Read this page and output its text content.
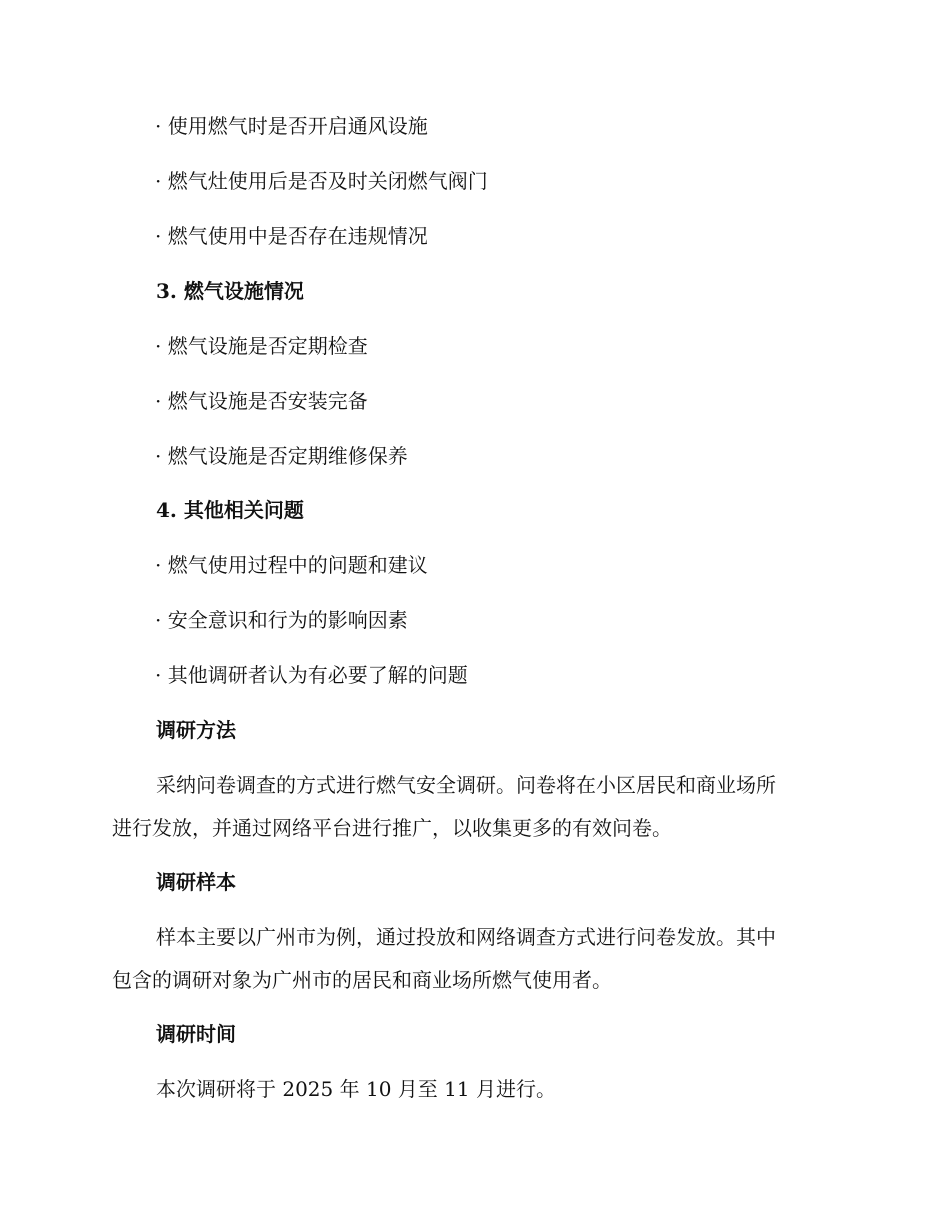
· 使用燃气时是否开启通风设施
· 燃气灶使用后是否及时关闭燃气阀门
· 燃气使用中是否存在违规情况
3. 燃气设施情况
· 燃气设施是否定期检查
· 燃气设施是否安装完备
· 燃气设施是否定期维修保养
4. 其他相关问题
· 燃气使用过程中的问题和建议
· 安全意识和行为的影响因素
· 其他调研者认为有必要了解的问题
调研方法
采纳问卷调查的方式进行燃气安全调研。问卷将在小区居民和商业场所
进行发放，并通过网络平台进行推广，以收集更多的有效问卷。
调研样本
样本主要以广州市为例，通过投放和网络调查方式进行问卷发放。其中
包含的调研对象为广州市的居民和商业场所燃气使用者。
调研时间
本次调研将于 2025 年 10 月至 11 月进行。
